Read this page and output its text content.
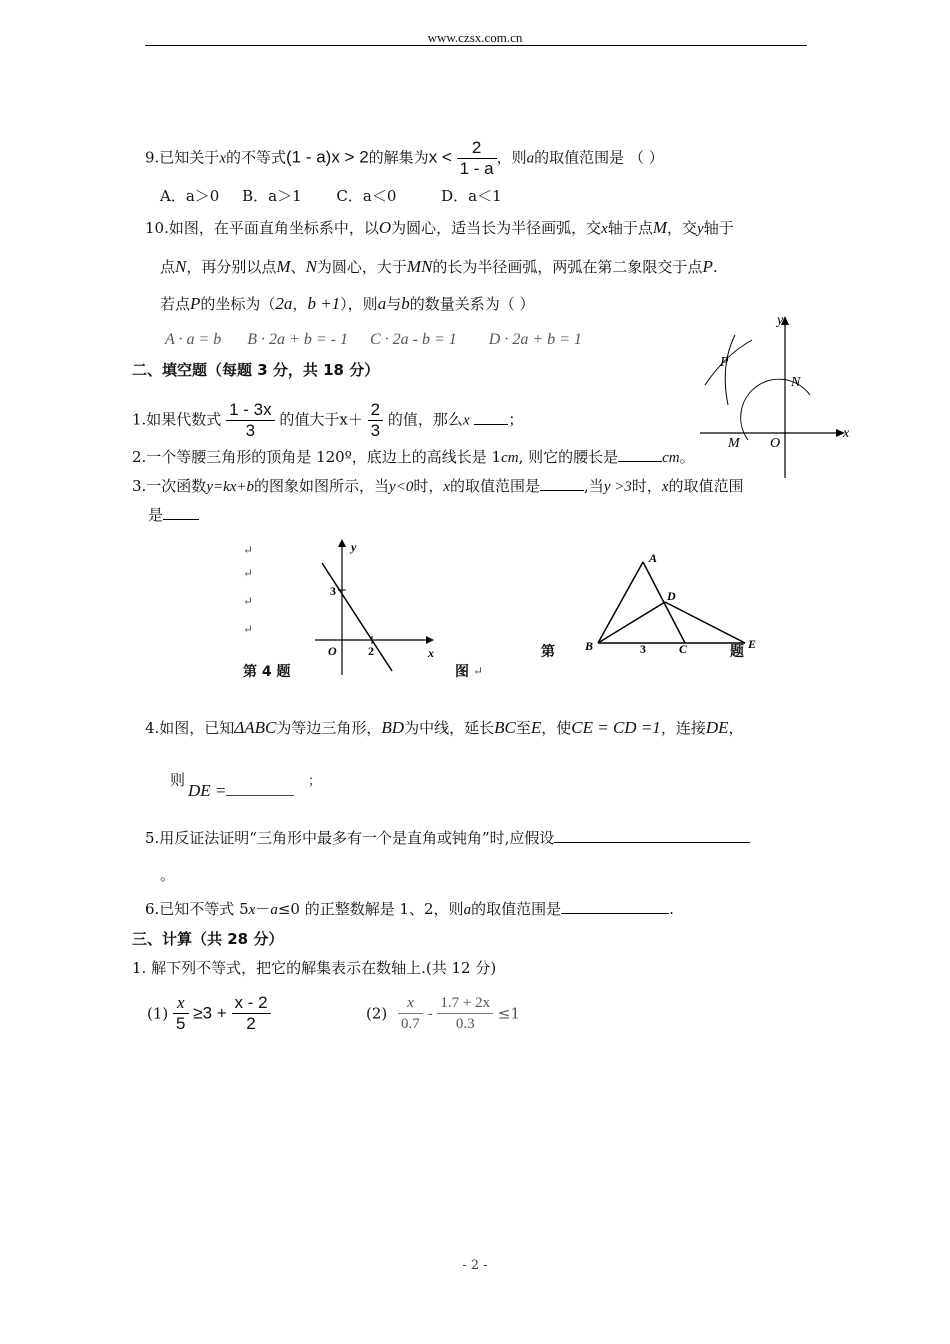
www.czsx.com.cn
9.已知关于x的不等式(1 - a)x > 2的解集为$x < \frac{2}{1 - a}$ ，则a的取值范围是 （ ）
A．a＞0 B．a＞1 C．a＜0	D．a＜1
10.如图，在平面直角坐标系中，以O为圆心，适当长为半径画弧，交x轴于点M，交y轴于
点N，再分别以点M、N为圆心，大于MN的长为半径画弧，两弧在第二象限交于点P.
若点P的坐标为（2a，b +1），则a与b的数量关系为（ ）
A · a = b B · 2a + b = - 1 C · 2a - b = 1 D · 2a + b = 1
y
x
P
N
M O
二、填空题（每题 3 分，共 18 分）
1.如果代数式 $\frac{1 - 3x}{3}$ 的值大于$x+ \frac{2}{3}$ 的值，那么x	；
2.一个等腰三角形的顶角是 120º，底边上的高线长是 1cm, 则它的腰长是	cm。
3.一次函数y=kx+b的图象如图所示，当y<0时，x的取值范围是	,当y >3时，x的取值范围
是
↵
↵
↵
↵
y
x
3
O	2
第 4 题	图 ↵
A
D
B	3	C	E
第	题
4.如图，已知ΔABC为等边三角形，BD为中线，延长BC至E，使CE = CD =1，连接DE，
则
DE =	；
5.用反证法证明“三角形中最多有一个是直角或钝角”时,应假设
。
6.已知不等式 5x－a≤0 的正整数解是 1、2，则a的取值范围是	.
三、计算（共 28 分）
1. 解下列不等式，把它的解集表示在数轴上.(共 12 分)
$(1) \frac{x}{5} \ge 3 + \frac{x - 2}{2}$	$(2) \frac{x}{0.7} - \frac{1.7 + 2x}{0.3} \le 1$
- 2 -
